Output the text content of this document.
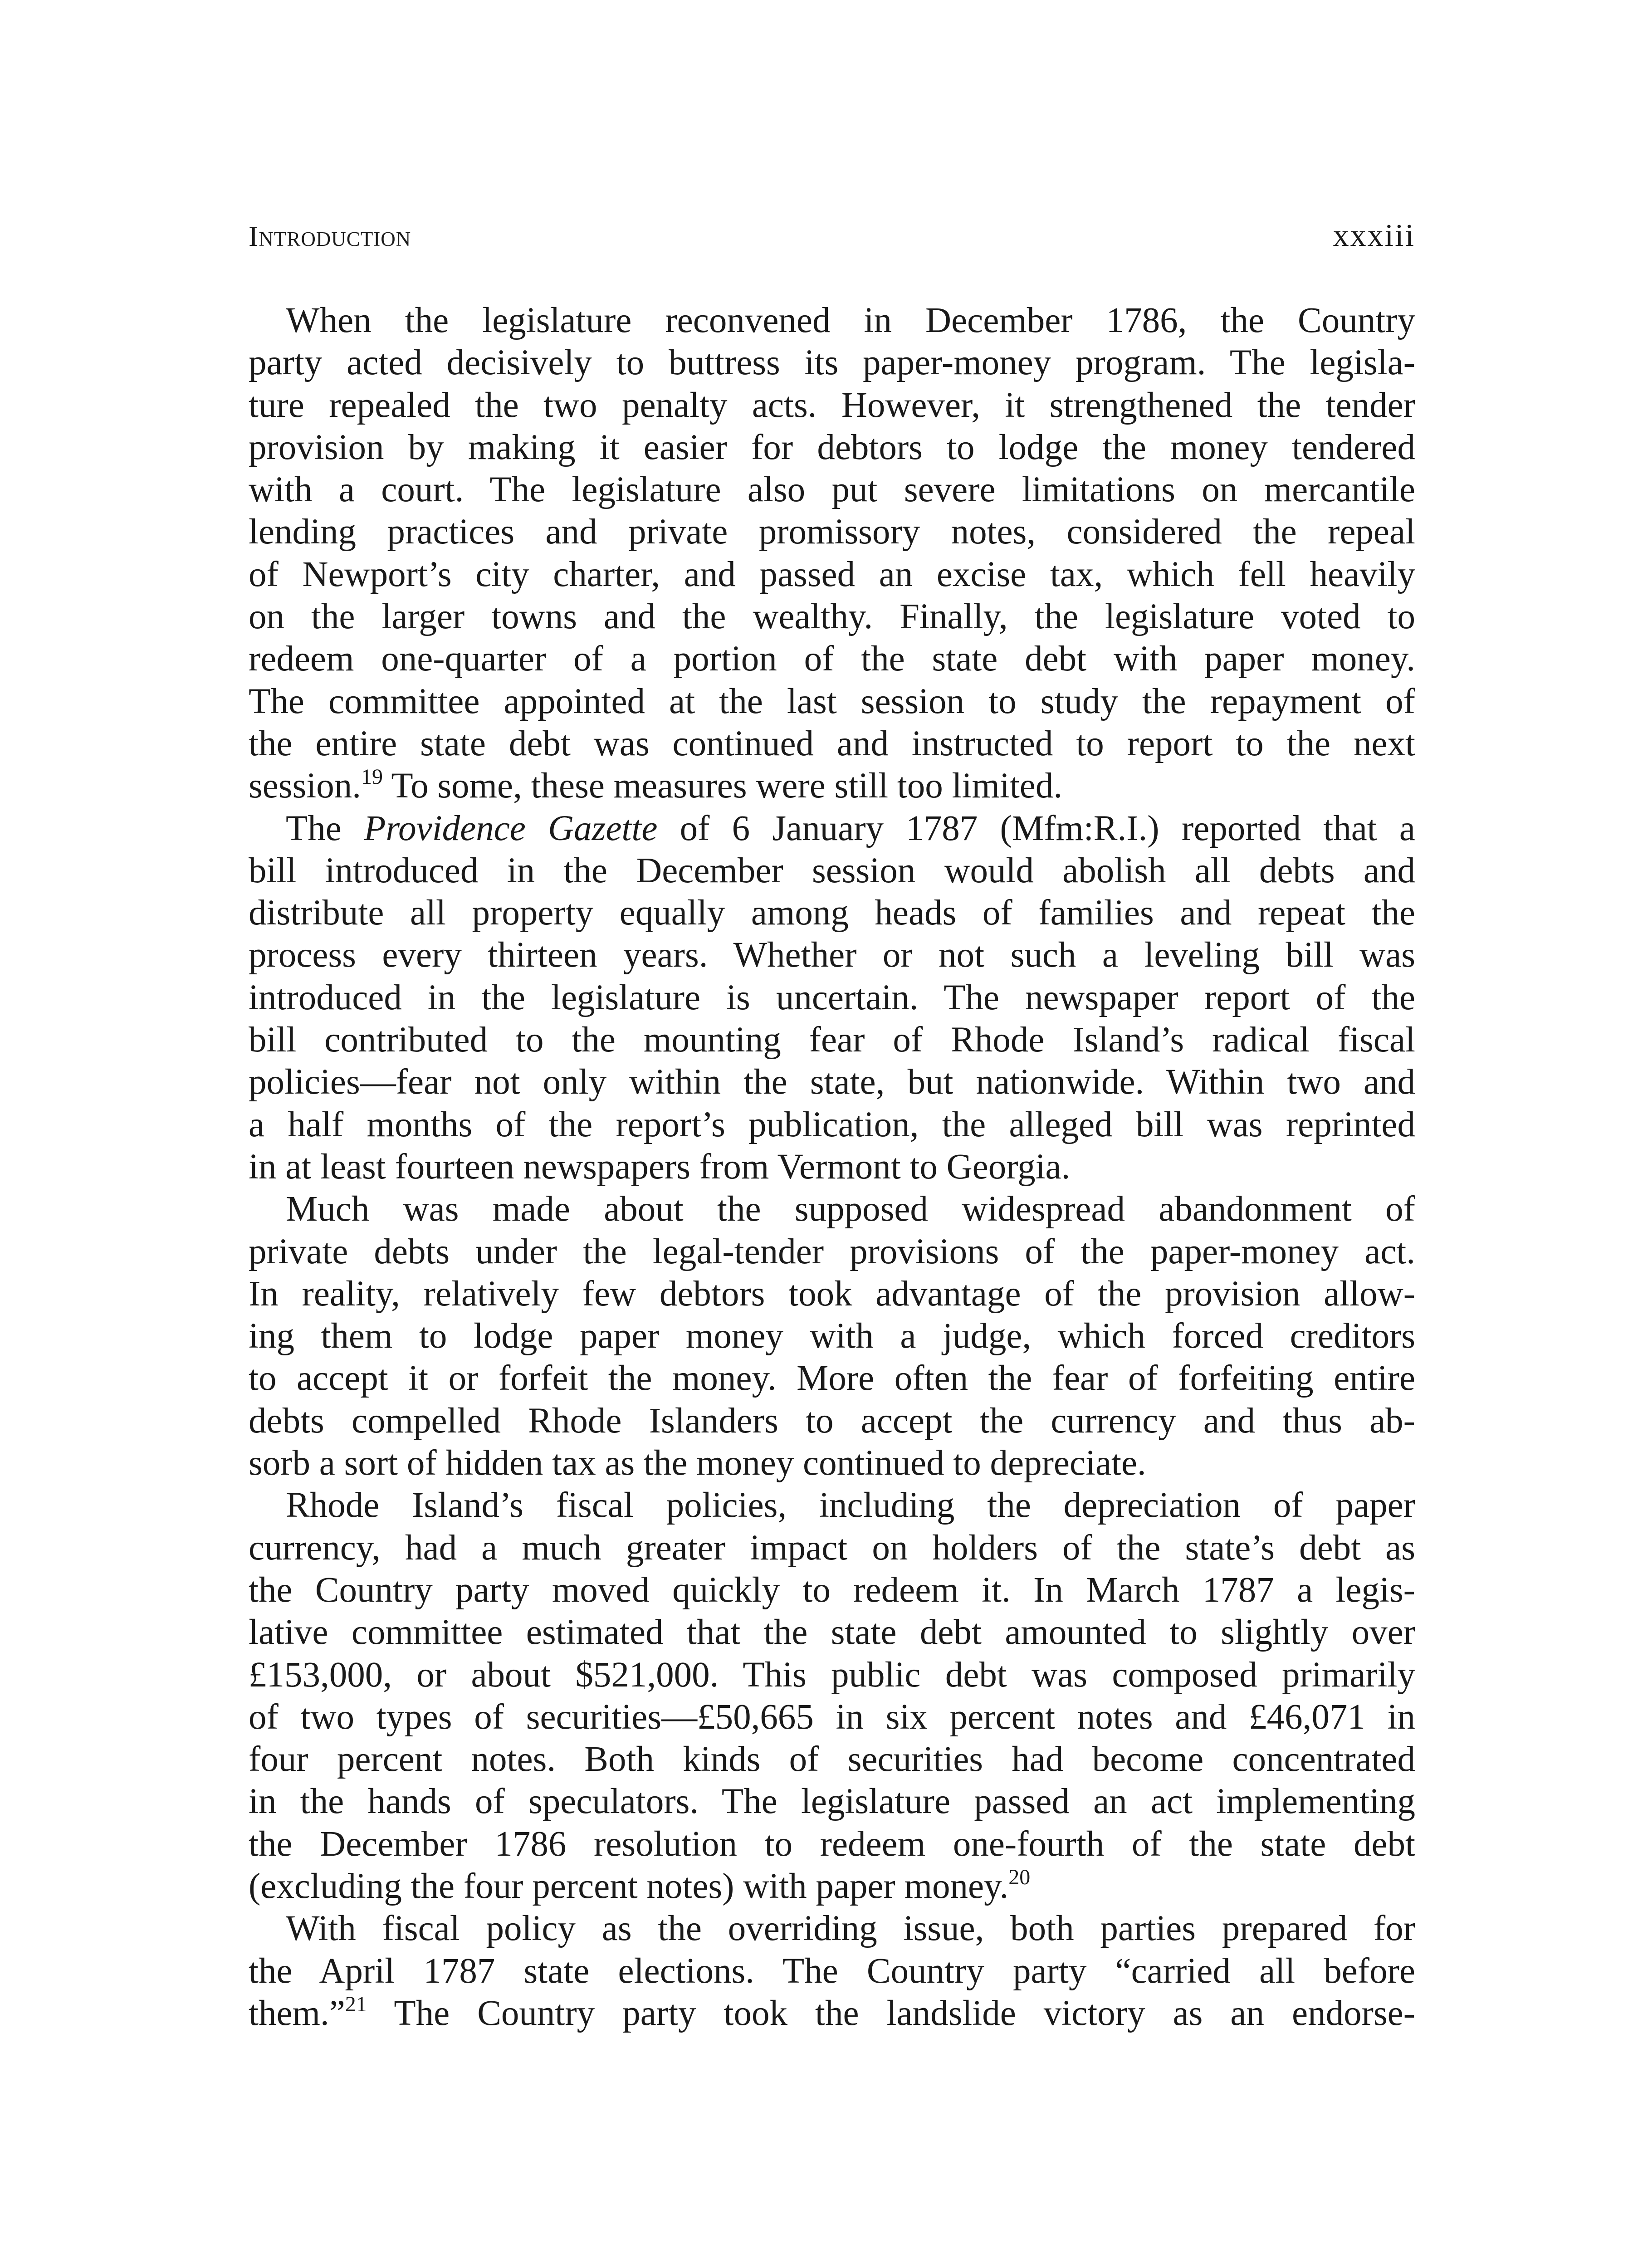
Introduction	xxxiii
When the legislature reconvened in December 1786, the Country
party acted decisively to buttress its paper-money program. The legisla-
ture repealed the two penalty acts. However, it strengthened the tender
provision by making it easier for debtors to lodge the money tendered
with a court. The legislature also put severe limitations on mercantile
lending practices and private promissory notes, considered the repeal
of Newport’s city charter, and passed an excise tax, which fell heavily
on the larger towns and the wealthy. Finally, the legislature voted to
redeem one-quarter of a portion of the state debt with paper money.
The committee appointed at the last session to study the repayment of
the entire state debt was continued and instructed to report to the next
session.$^{19}$ To some, these measures were still too limited.
The Providence Gazette of 6 January 1787 (Mfm:R.I.) reported that a
bill introduced in the December session would abolish all debts and
distribute all property equally among heads of families and repeat the
process every thirteen years. Whether or not such a leveling bill was
introduced in the legislature is uncertain. The newspaper report of the
bill contributed to the mounting fear of Rhode Island’s radical fiscal
policies—fear not only within the state, but nationwide. Within two and
a half months of the report’s publication, the alleged bill was reprinted
in at least fourteen newspapers from Vermont to Georgia.
Much was made about the supposed widespread abandonment of
private debts under the legal-tender provisions of the paper-money act.
In reality, relatively few debtors took advantage of the provision allow-
ing them to lodge paper money with a judge, which forced creditors
to accept it or forfeit the money. More often the fear of forfeiting entire
debts compelled Rhode Islanders to accept the currency and thus ab-
sorb a sort of hidden tax as the money continued to depreciate.
Rhode Island’s fiscal policies, including the depreciation of paper
currency, had a much greater impact on holders of the state’s debt as
the Country party moved quickly to redeem it. In March 1787 a legis-
lative committee estimated that the state debt amounted to slightly over
£153,000, or about $521,000. This public debt was composed primarily
of two types of securities—£50,665 in six percent notes and £46,071 in
four percent notes. Both kinds of securities had become concentrated
in the hands of speculators. The legislature passed an act implementing
the December 1786 resolution to redeem one-fourth of the state debt
(excluding the four percent notes) with paper money.$^{20}$
With fiscal policy as the overriding issue, both parties prepared for
the April 1787 state elections. The Country party “carried all before
them.”$^{21}$ The Country party took the landslide victory as an endorse-
